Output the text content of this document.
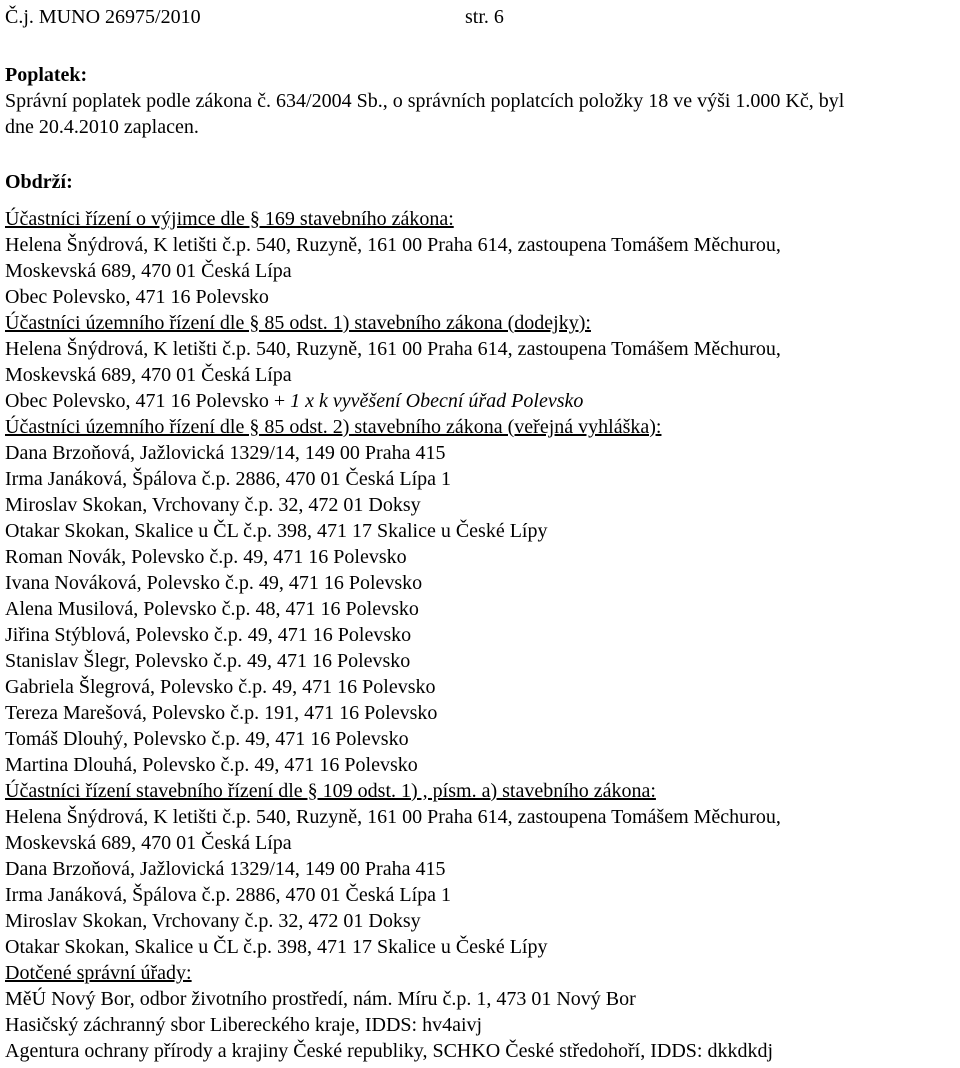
Č.j. MUNO 26975/2010	str. 6
Poplatek:
Správní poplatek podle zákona č. 634/2004 Sb., o správních poplatcích položky 18 ve výši 1.000 Kč, byl
dne 20.4.2010 zaplacen.
Obdrží:
Účastníci řízení o výjimce dle § 169 stavebního zákona:
Helena Šnýdrová, K letišti č.p. 540, Ruzyně, 161 00 Praha 614, zastoupena Tomášem Měchurou,
Moskevská 689, 470 01 Česká Lípa
Obec Polevsko, 471 16 Polevsko
Účastníci územního řízení dle § 85 odst. 1) stavebního zákona (dodejky):
Helena Šnýdrová, K letišti č.p. 540, Ruzyně, 161 00 Praha 614, zastoupena Tomášem Měchurou,
Moskevská 689, 470 01 Česká Lípa
Obec Polevsko, 471 16 Polevsko + 1 x k vyvěšení Obecní úřad Polevsko
Účastníci územního řízení dle § 85 odst. 2) stavebního zákona (veřejná vyhláška):
Dana Brzoňová, Jažlovická 1329/14, 149 00 Praha 415
Irma Janáková, Špálova č.p. 2886, 470 01 Česká Lípa 1
Miroslav Skokan, Vrchovany č.p. 32, 472 01 Doksy
Otakar Skokan, Skalice u ČL č.p. 398, 471 17 Skalice u České Lípy
Roman Novák, Polevsko č.p. 49, 471 16 Polevsko
Ivana Nováková, Polevsko č.p. 49, 471 16 Polevsko
Alena Musilová, Polevsko č.p. 48, 471 16 Polevsko
Jiřina Stýblová, Polevsko č.p. 49, 471 16 Polevsko
Stanislav Šlegr, Polevsko č.p. 49, 471 16 Polevsko
Gabriela Šlegrová, Polevsko č.p. 49, 471 16 Polevsko
Tereza Marešová, Polevsko č.p. 191, 471 16 Polevsko
Tomáš Dlouhý, Polevsko č.p. 49, 471 16 Polevsko
Martina Dlouhá, Polevsko č.p. 49, 471 16 Polevsko
Účastníci řízení stavebního řízení dle § 109 odst. 1) , písm. a) stavebního zákona:
Helena Šnýdrová, K letišti č.p. 540, Ruzyně, 161 00 Praha 614, zastoupena Tomášem Měchurou,
Moskevská 689, 470 01 Česká Lípa
Dana Brzoňová, Jažlovická 1329/14, 149 00 Praha 415
Irma Janáková, Špálova č.p. 2886, 470 01 Česká Lípa 1
Miroslav Skokan, Vrchovany č.p. 32, 472 01 Doksy
Otakar Skokan, Skalice u ČL č.p. 398, 471 17 Skalice u České Lípy
Dotčené správní úřady:
MěÚ Nový Bor, odbor životního prostředí, nám. Míru č.p. 1, 473 01 Nový Bor
Hasičský záchranný sbor Libereckého kraje, IDDS: hv4aivj
Agentura ochrany přírody a krajiny České republiky, SCHKO České středohoří, IDDS: dkkdkdj
